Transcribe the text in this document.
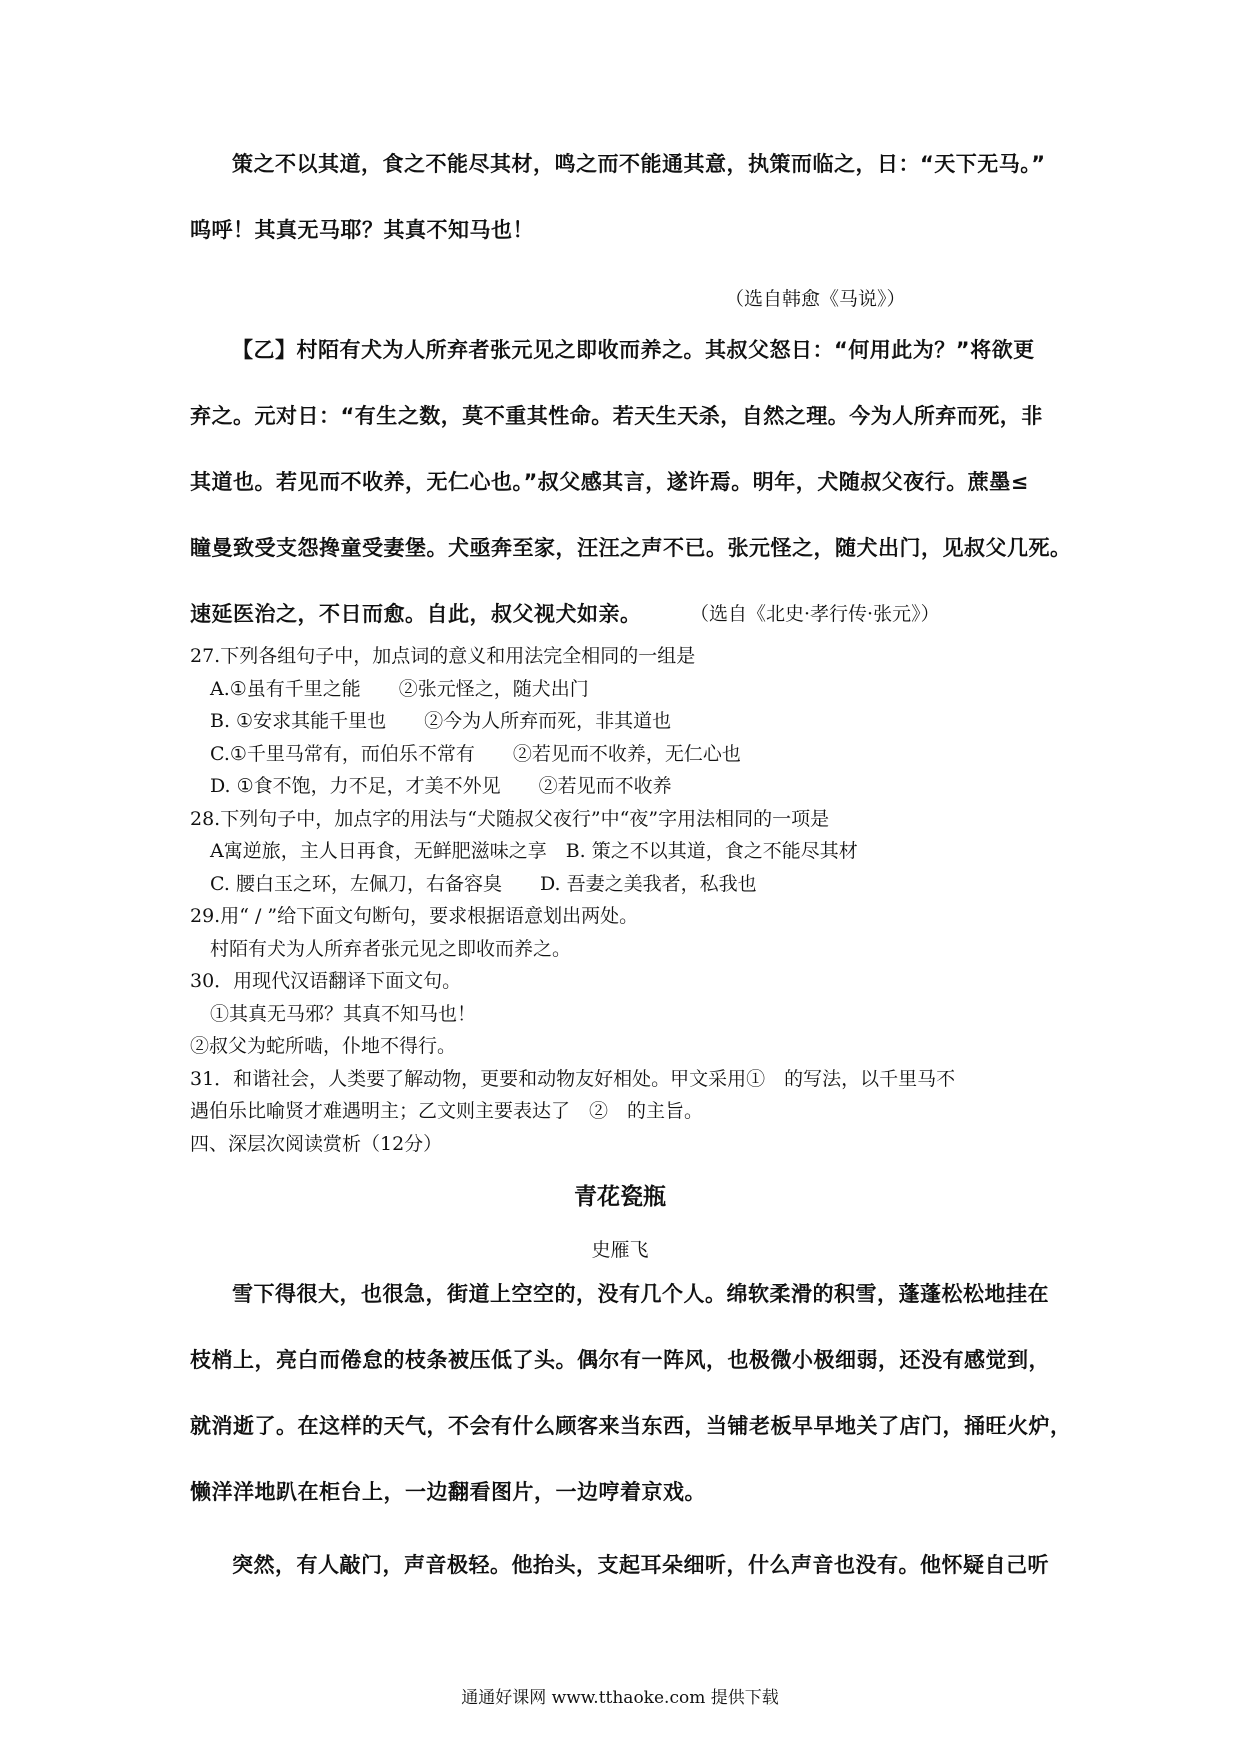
策之不以其道，食之不能尽其材，鸣之而不能通其意，执策而临之，日：“天下无马。”
呜呼！其真无马耶？其真不知马也！
（选自韩愈《马说》）
【乙】村陌有犬为人所弃者张元见之即收而养之。其叔父怒日：“何用此为？”将欲更
弃之。元对日：“有生之数，莫不重其性命。若天生天杀，自然之理。今为人所弃而死，非
其道也。若见而不收养，无仁心也。”叔父感其言，遂许焉。明年，犬随叔父夜行。蔗墨≤
瞳曼致受支怨搀童受妻堡。犬亟奔至家，汪汪之声不已。张元怪之，随犬出门，见叔父几死。
速延医治之，不日而愈。自此，叔父视犬如亲。	（选自《北史·孝行传·张元》）
27.下列各组句子中，加点词的意义和用法完全相同的一组是
A.①虽有千里之能　　②张元怪之，随犬出门
B. ①安求其能千里也　　②今为人所弃而死，非其道也
C.①千里马常有，而伯乐不常有　　②若见而不收养，无仁心也
D. ①食不饱，力不足，才美不外见　　②若见而不收养
28.下列句子中，加点字的用法与“犬随叔父夜行”中“夜”字用法相同的一项是
A寓逆旅，主人日再食，无鲜肥滋味之享　B. 策之不以其道，食之不能尽其材
C. 腰白玉之环，左佩刀，右备容臭　　D. 吾妻之美我者，私我也
29.用“ / ”给下面文句断句，要求根据语意划出两处。
村陌有犬为人所弃者张元见之即收而养之。
30．用现代汉语翻译下面文句。
①其真无马邪？其真不知马也！
②叔父为蛇所啮，仆地不得行。
31．和谐社会，人类要了解动物，更要和动物友好相处。甲文采用①　的写法，以千里马不
遇伯乐比喻贤才难遇明主；乙文则主要表达了　②　的主旨。
四、深层次阅读赏析（12分）
青花瓷瓶
史雁飞
雪下得很大，也很急，街道上空空的，没有几个人。绵软柔滑的积雪，蓬蓬松松地挂在
枝梢上，亮白而倦怠的枝条被压低了头。偶尔有一阵风，也极微小极细弱，还没有感觉到，
就消逝了。在这样的天气，不会有什么顾客来当东西，当铺老板早早地关了店门，捅旺火炉，
懒洋洋地趴在柜台上，一边翻看图片，一边哼着京戏。
突然，有人敲门，声音极轻。他抬头，支起耳朵细听，什么声音也没有。他怀疑自己听
通通好课网 www.tthaoke.com 提供下载
